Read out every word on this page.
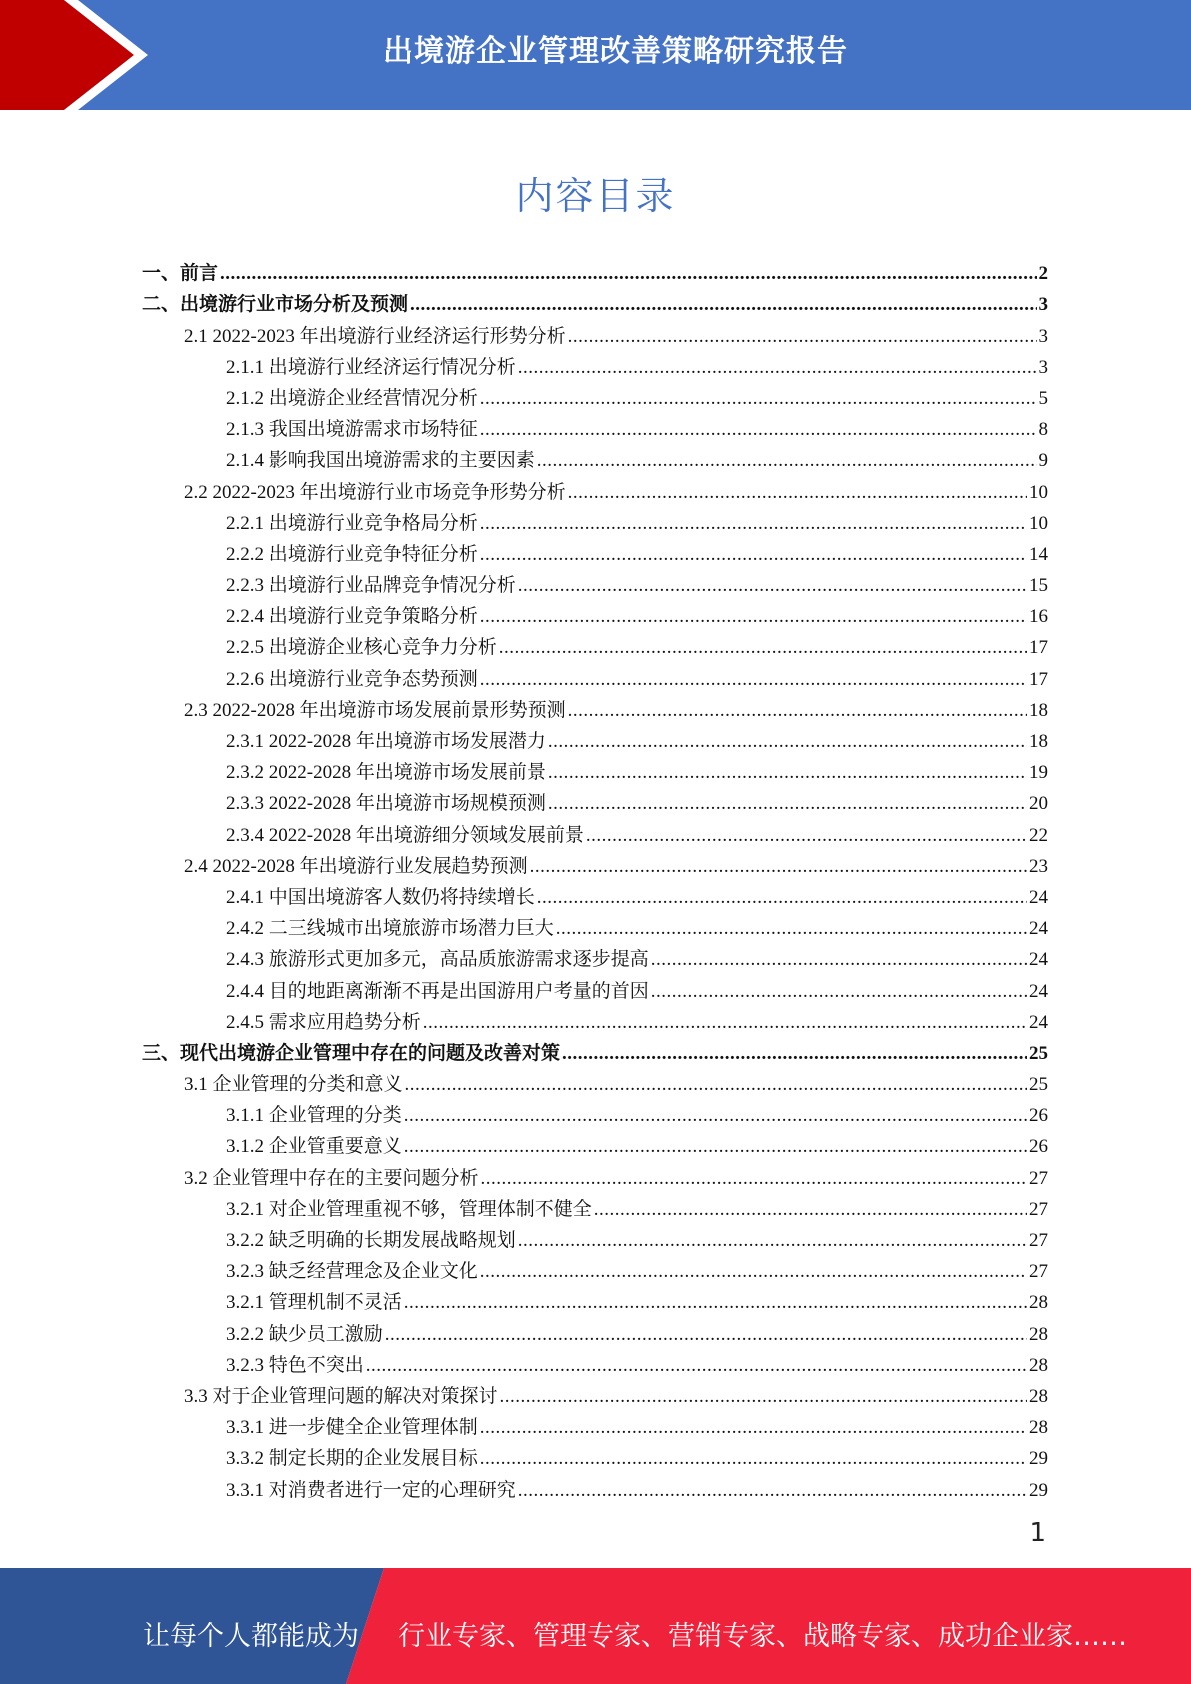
出境游企业管理改善策略研究报告
内容目录
一、前言 .....	2
二、出境游行业市场分析及预测 .....	3
2.1 2022-2023 年出境游行业经济运行形势分析 .....	3
2.1.1 出境游行业经济运行情况分析 .....	3
2.1.2 出境游企业经营情况分析 .....	5
2.1.3 我国出境游需求市场特征 .....	8
2.1.4 影响我国出境游需求的主要因素 .....	9
2.2 2022-2023 年出境游行业市场竞争形势分析 .....	10
2.2.1 出境游行业竞争格局分析 .....	10
2.2.2 出境游行业竞争特征分析 .....	14
2.2.3 出境游行业品牌竞争情况分析 .....	15
2.2.4 出境游行业竞争策略分析 .....	16
2.2.5 出境游企业核心竞争力分析 .....	17
2.2.6 出境游行业竞争态势预测 .....	17
2.3 2022-2028 年出境游市场发展前景形势预测 .....	18
2.3.1 2022-2028 年出境游市场发展潜力 .....	18
2.3.2 2022-2028 年出境游市场发展前景 .....	19
2.3.3 2022-2028 年出境游市场规模预测 .....	20
2.3.4 2022-2028 年出境游细分领域发展前景 .....	22
2.4 2022-2028 年出境游行业发展趋势预测 .....	23
2.4.1 中国出境游客人数仍将持续增长 .....	24
2.4.2 二三线城市出境旅游市场潜力巨大 .....	24
2.4.3 旅游形式更加多元，高品质旅游需求逐步提高 .....	24
2.4.4 目的地距离渐渐不再是出国游用户考量的首因 .....	24
2.4.5 需求应用趋势分析 .....	24
三、现代出境游企业管理中存在的问题及改善对策 .....	25
3.1 企业管理的分类和意义 .....	25
3.1.1 企业管理的分类 .....	26
3.1.2 企业管重要意义 .....	26
3.2 企业管理中存在的主要问题分析 .....	27
3.2.1 对企业管理重视不够，管理体制不健全 .....	27
3.2.2 缺乏明确的长期发展战略规划 .....	27
3.2.3 缺乏经营理念及企业文化 .....	27
3.2.1 管理机制不灵活 .....	28
3.2.2 缺少员工激励 .....	28
3.2.3 特色不突出 .....	28
3.3 对于企业管理问题的解决对策探讨 .....	28
3.3.1 进一步健全企业管理体制 .....	28
3.3.2 制定长期的企业发展目标 .....	29
3.3.1 对消费者进行一定的心理研究 .....	29
1
让每个人都能成为 行业专家、管理专家、营销专家、战略专家、成功企业家……
